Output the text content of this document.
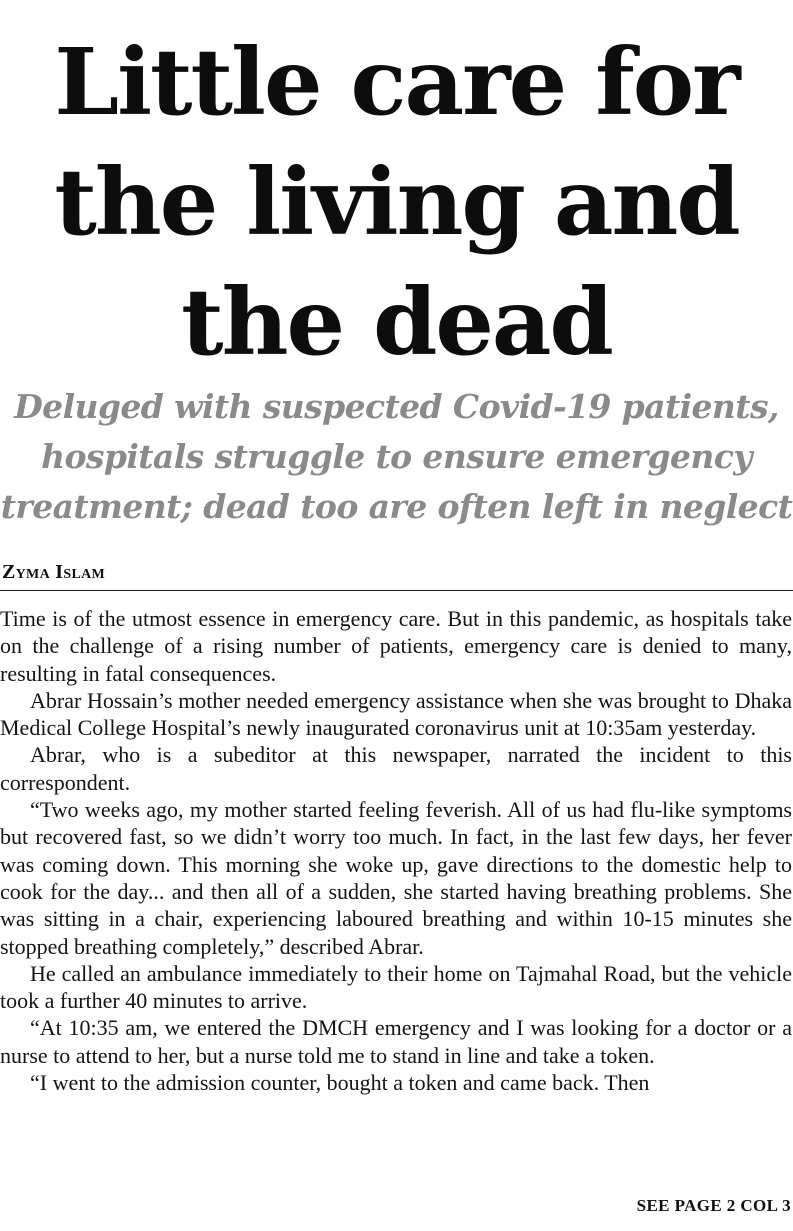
Little care for
the living and
the dead
Deluged with suspected Covid-19 patients,
hospitals struggle to ensure emergency
treatment; dead too are often left in neglect
Zyma Islam

Time is of the utmost essence in emergency care. But in this pandemic, as hospitals take on the challenge of a rising number of patients, emergency care is denied to many, resulting in fatal consequences.

Abrar Hossain’s mother needed emergency assistance when she was brought to Dhaka Medical College Hospital’s newly inaugurated coronavirus unit at 10:35am yesterday.

Abrar, who is a subeditor at this newspaper, narrated the incident to this correspondent.

“Two weeks ago, my mother started feeling feverish. All of us had flu-like symptoms but recovered fast, so we didn’t worry too much. In fact, in the last few days, her fever was coming down. This morning she woke up, gave directions to the domestic help to cook for the day... and then all of a sudden, she started having breathing problems. She was sitting in a chair, experiencing laboured breathing and within 10-15 minutes she stopped breathing completely,” described Abrar.

He called an ambulance immediately to their home on Tajmahal Road, but the vehicle took a further 40 minutes to arrive.

“At 10:35 am, we entered the DMCH emergency and I was looking for a doctor or a nurse to attend to her, but a nurse told me to stand in line and take a token.

“I went to the admission counter, bought a token and came back. Then

SEE PAGE 2 COL 3
